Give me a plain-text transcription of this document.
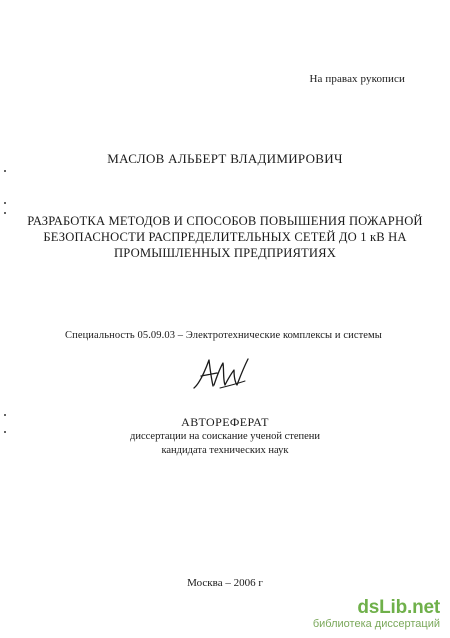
На правах рукописи
МАСЛОВ АЛЬБЕРТ ВЛАДИМИРОВИЧ
РАЗРАБОТКА МЕТОДОВ И СПОСОБОВ ПОВЫШЕНИЯ ПОЖАРНОЙ
БЕЗОПАСНОСТИ РАСПРЕДЕЛИТЕЛЬНЫХ СЕТЕЙ ДО 1 кВ НА
ПРОМЫШЛЕННЫХ ПРЕДПРИЯТИЯХ
Специальность 05.09.03 – Электротехнические комплексы и системы
АВТОРЕФЕРАТ
диссертации на соискание ученой степени
кандидата технических наук
Москва – 2006 г
dsLib.net
библиотека диссертаций
